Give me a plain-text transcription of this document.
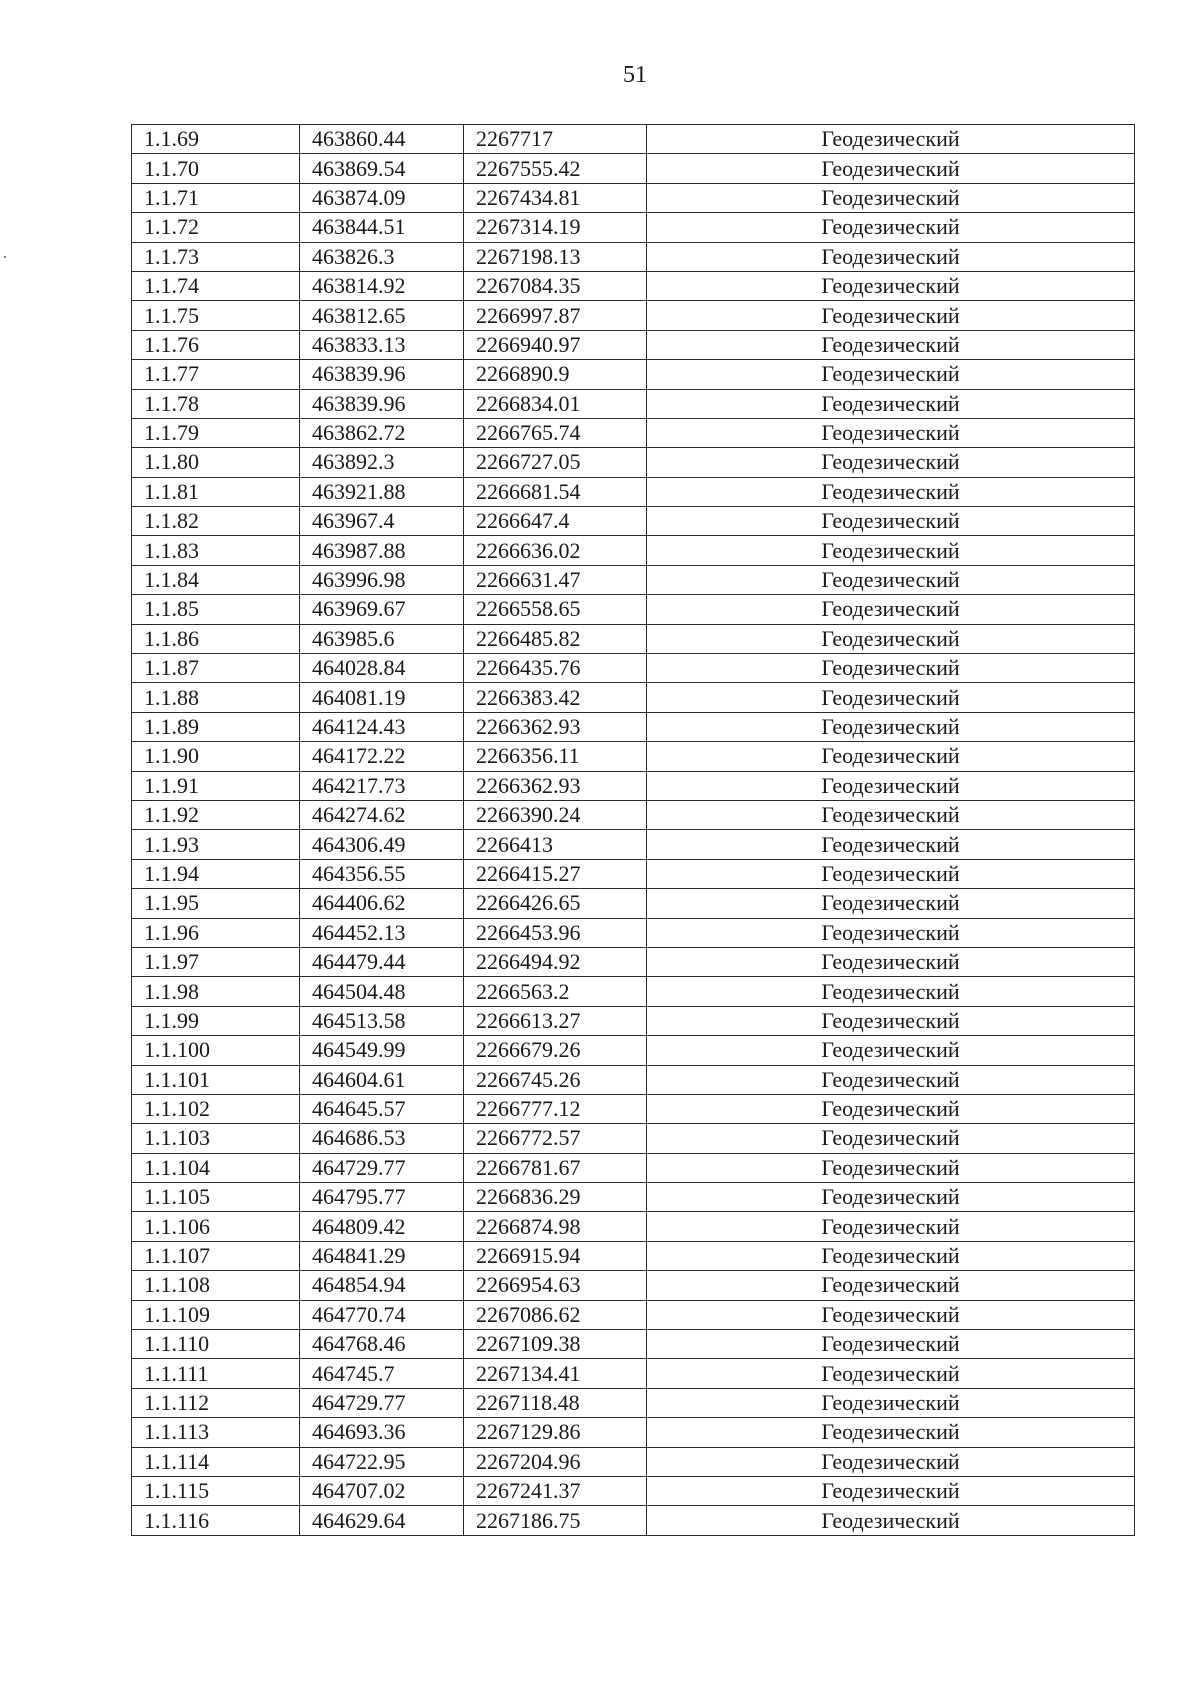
51
1.1.69	463860.44	2267717	Геодезический
1.1.70	463869.54	2267555.42	Геодезический
1.1.71	463874.09	2267434.81	Геодезический
1.1.72	463844.51	2267314.19	Геодезический
1.1.73	463826.3	2267198.13	Геодезический
1.1.74	463814.92	2267084.35	Геодезический
1.1.75	463812.65	2266997.87	Геодезический
1.1.76	463833.13	2266940.97	Геодезический
1.1.77	463839.96	2266890.9	Геодезический
1.1.78	463839.96	2266834.01	Геодезический
1.1.79	463862.72	2266765.74	Геодезический
1.1.80	463892.3	2266727.05	Геодезический
1.1.81	463921.88	2266681.54	Геодезический
1.1.82	463967.4	2266647.4	Геодезический
1.1.83	463987.88	2266636.02	Геодезический
1.1.84	463996.98	2266631.47	Геодезический
1.1.85	463969.67	2266558.65	Геодезический
1.1.86	463985.6	2266485.82	Геодезический
1.1.87	464028.84	2266435.76	Геодезический
1.1.88	464081.19	2266383.42	Геодезический
1.1.89	464124.43	2266362.93	Геодезический
1.1.90	464172.22	2266356.11	Геодезический
1.1.91	464217.73	2266362.93	Геодезический
1.1.92	464274.62	2266390.24	Геодезический
1.1.93	464306.49	2266413	Геодезический
1.1.94	464356.55	2266415.27	Геодезический
1.1.95	464406.62	2266426.65	Геодезический
1.1.96	464452.13	2266453.96	Геодезический
1.1.97	464479.44	2266494.92	Геодезический
1.1.98	464504.48	2266563.2	Геодезический
1.1.99	464513.58	2266613.27	Геодезический
1.1.100	464549.99	2266679.26	Геодезический
1.1.101	464604.61	2266745.26	Геодезический
1.1.102	464645.57	2266777.12	Геодезический
1.1.103	464686.53	2266772.57	Геодезический
1.1.104	464729.77	2266781.67	Геодезический
1.1.105	464795.77	2266836.29	Геодезический
1.1.106	464809.42	2266874.98	Геодезический
1.1.107	464841.29	2266915.94	Геодезический
1.1.108	464854.94	2266954.63	Геодезический
1.1.109	464770.74	2267086.62	Геодезический
1.1.110	464768.46	2267109.38	Геодезический
1.1.111	464745.7	2267134.41	Геодезический
1.1.112	464729.77	2267118.48	Геодезический
1.1.113	464693.36	2267129.86	Геодезический
1.1.114	464722.95	2267204.96	Геодезический
1.1.115	464707.02	2267241.37	Геодезический
1.1.116	464629.64	2267186.75	Геодезический
